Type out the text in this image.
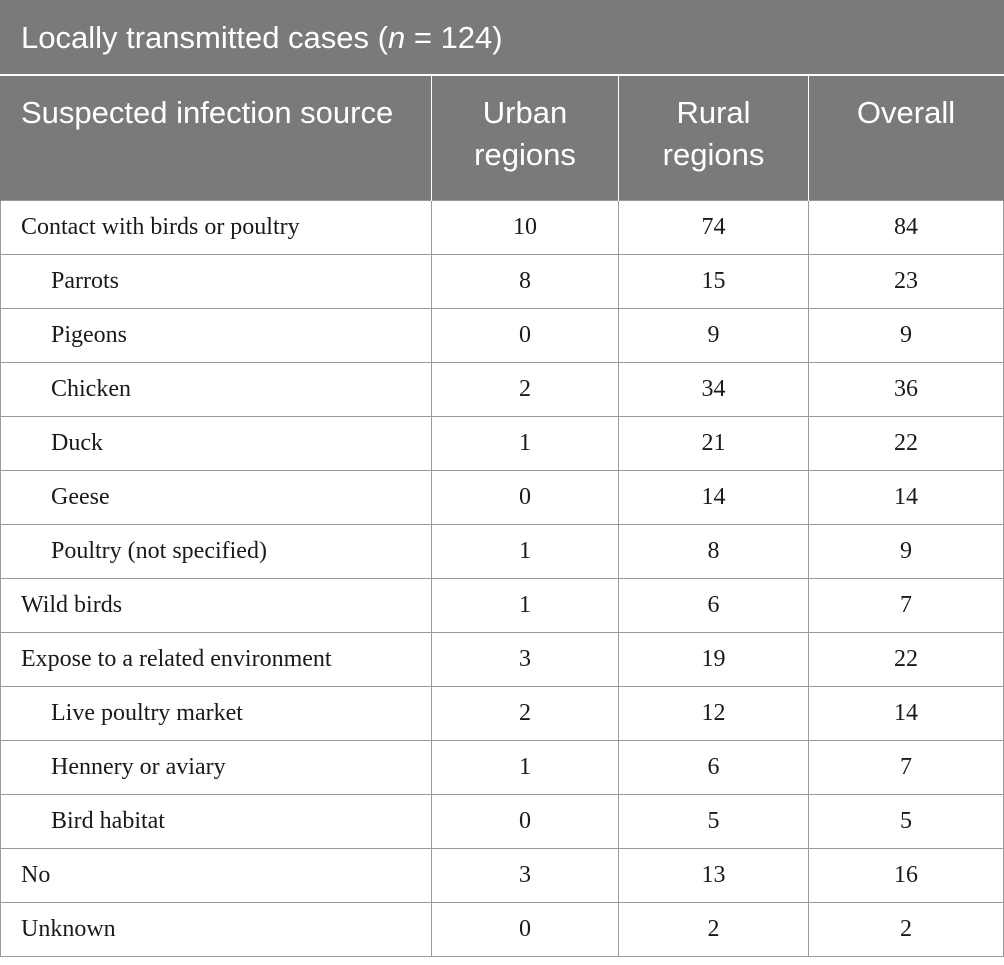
Locally transmitted cases (n = 124)			
Suspected infection source	Urban regions	Rural regions	Overall
Contact with birds or poultry	10	74	84
Parrots	8	15	23
Pigeons	0	9	9
Chicken	2	34	36
Duck	1	21	22
Geese	0	14	14
Poultry (not specified)	1	8	9
Wild birds	1	6	7
Expose to a related environment	3	19	22
Live poultry market	2	12	14
Hennery or aviary	1	6	7
Bird habitat	0	5	5
No	3	13	16
Unknown	0	2	2
